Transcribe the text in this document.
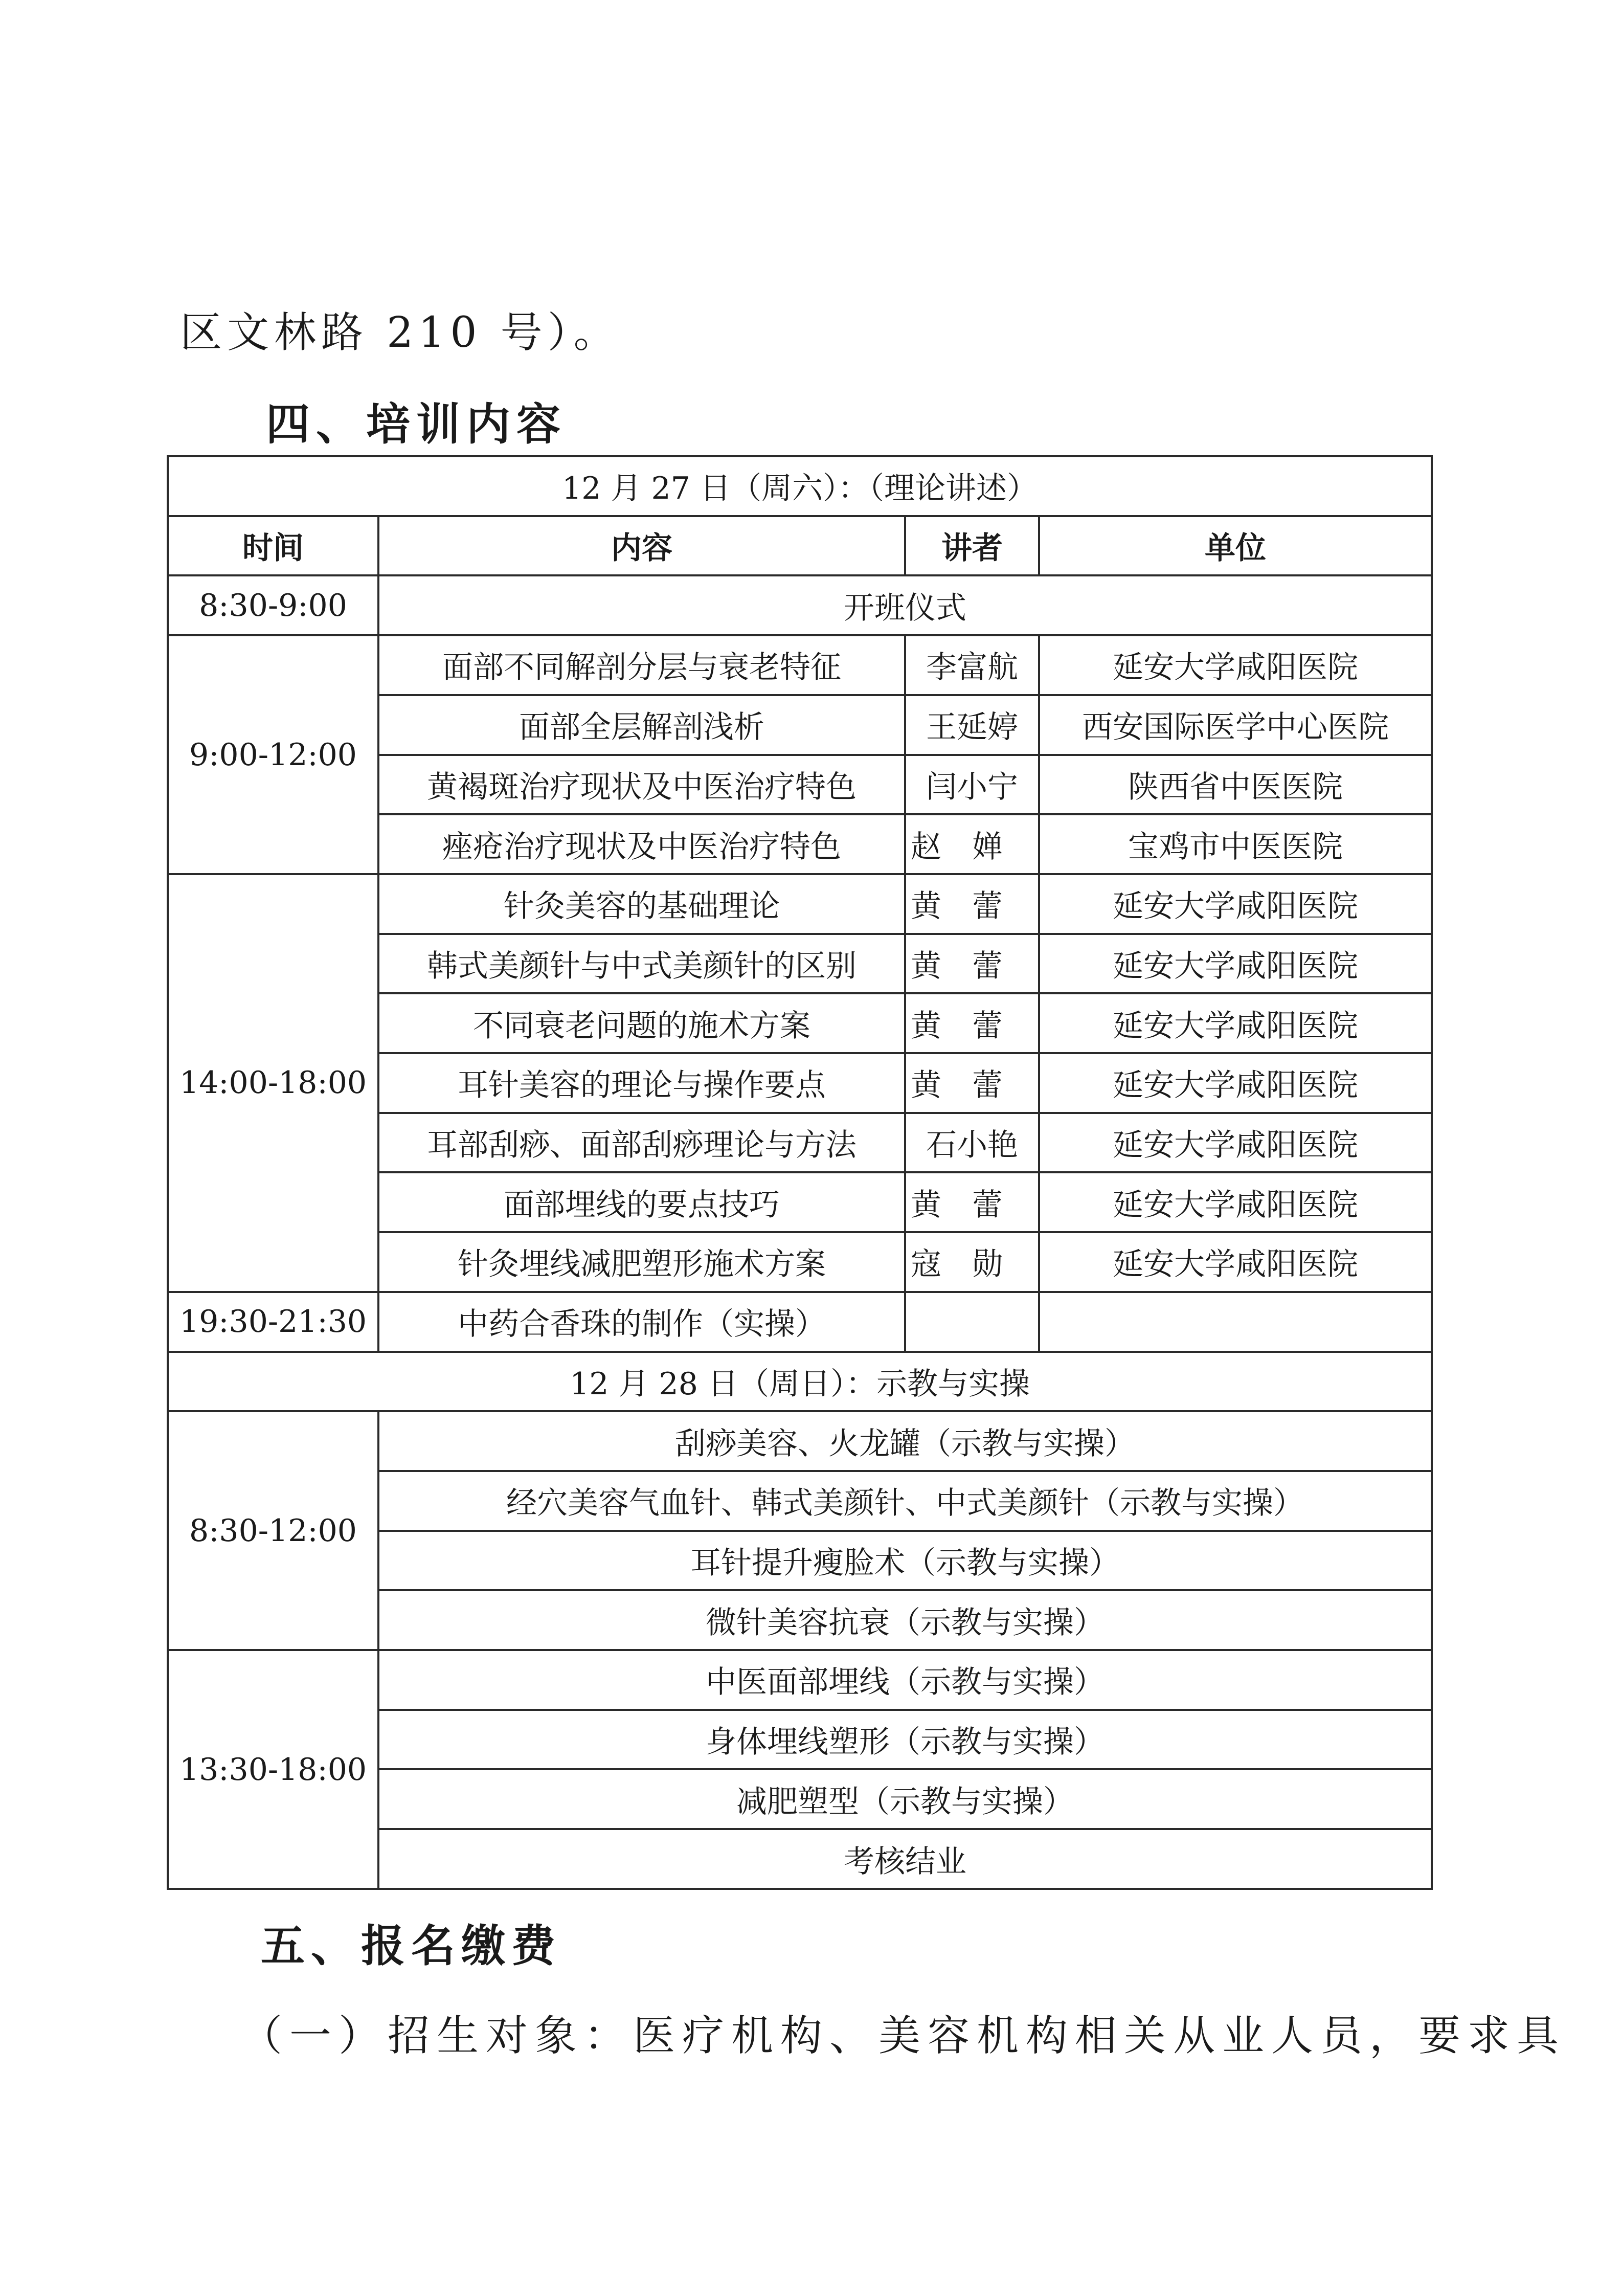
区文林路 210 号）。
四、培训内容
12 月 27 日（周六）：（理论讲述）			
时间	内容	讲者	单位
8:30-9:00	开班仪式		
9:00-12:00	面部不同解剖分层与衰老特征	李富航	延安大学咸阳医院
	面部全层解剖浅析	王延婷	西安国际医学中心医院
	黄褐斑治疗现状及中医治疗特色	闫小宁	陕西省中医医院
	痤疮治疗现状及中医治疗特色	赵婵	宝鸡市中医医院
14:00-18:00	针灸美容的基础理论	黄蕾	延安大学咸阳医院
	韩式美颜针与中式美颜针的区别	黄蕾	延安大学咸阳医院
	不同衰老问题的施术方案	黄蕾	延安大学咸阳医院
	耳针美容的理论与操作要点	黄蕾	延安大学咸阳医院
	耳部刮痧、面部刮痧理论与方法	石小艳	延安大学咸阳医院
	面部埋线的要点技巧	黄蕾	延安大学咸阳医院
	针灸埋线减肥塑形施术方案	寇勋	延安大学咸阳医院
19:30-21:30	中药合香珠的制作（实操）		
12 月 28 日（周日）：示教与实操			
8:30-12:00	刮痧美容、火龙罐（示教与实操）		
	经穴美容气血针、韩式美颜针、中式美颜针（示教与实操）		
	耳针提升瘦脸术（示教与实操）		
	微针美容抗衰（示教与实操）		
13:30-18:00	中医面部埋线（示教与实操）		
	身体埋线塑形（示教与实操）		
	减肥塑型（示教与实操）		
	考核结业		
五、报名缴费
（一）招生对象：医疗机构、美容机构相关从业人员，要求具
